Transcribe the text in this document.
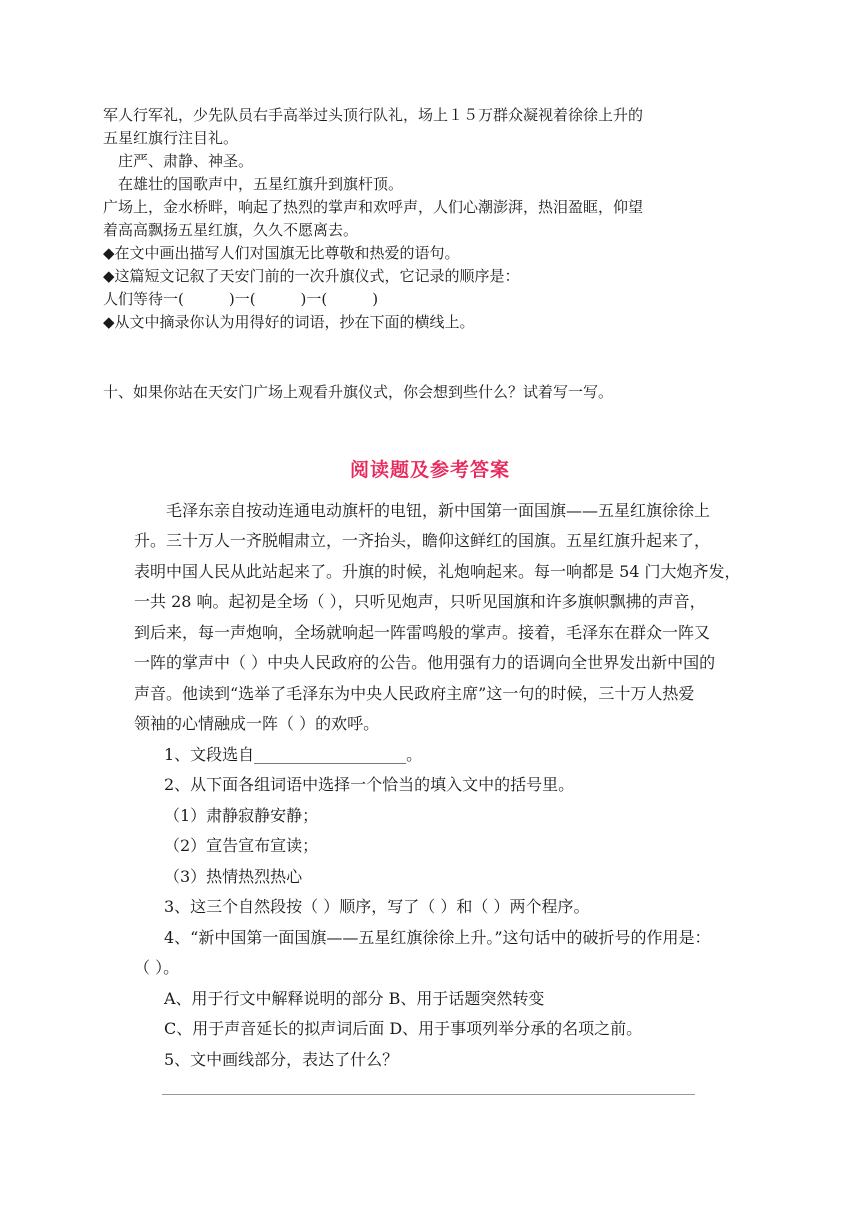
军人行军礼，少先队员右手高举过头顶行队礼，场上１５万群众凝视着徐徐上升的
五星红旗行注目礼。
庄严、肃静、神圣。
在雄壮的国歌声中，五星红旗升到旗杆顶。
广场上，金水桥畔，响起了热烈的掌声和欢呼声，人们心潮澎湃，热泪盈眶，仰望
着高高飘扬五星红旗，久久不愿离去。
◆在文中画出描写人们对国旗无比尊敬和热爱的语句。
◆这篇短文记叙了天安门前的一次升旗仪式，它记录的顺序是：
人们等待一(　　　)一(　　　)一(　　　)
◆从文中摘录你认为用得好的词语，抄在下面的横线上。
十、如果你站在天安门广场上观看升旗仪式，你会想到些什么？试着写一写。
阅读题及参考答案
毛泽东亲自按动连通电动旗杆的电钮，新中国第一面国旗——五星红旗徐徐上
升。三十万人一齐脱帽肃立，一齐抬头，瞻仰这鲜红的国旗。五星红旗升起来了，
表明中国人民从此站起来了。升旗的时候，礼炮响起来。每一响都是 54 门大炮齐发，
一共 28 响。起初是全场（ ），只听见炮声，只听见国旗和许多旗帜飘拂的声音，
到后来，每一声炮响，全场就响起一阵雷鸣般的掌声。接着，毛泽东在群众一阵又
一阵的掌声中（ ）中央人民政府的公告。他用强有力的语调向全世界发出新中国的
声音。他读到“选举了毛泽东为中央人民政府主席”这一句的时候，三十万人热爱
领袖的心情融成一阵（ ）的欢呼。
1、文段选自___________________。
2、从下面各组词语中选择一个恰当的填入文中的括号里。
（1）肃静寂静安静；
（2）宣告宣布宣读；
（3）热情热烈热心
3、这三个自然段按（ ）顺序，写了（ ）和（ ）两个程序。
4、“新中国第一面国旗——五星红旗徐徐上升。”这句话中的破折号的作用是：
（ ）。
A、用于行文中解释说明的部分 B、用于话题突然转变
C、用于声音延长的拟声词后面 D、用于事项列举分承的名项之前。
5、文中画线部分，表达了什么？
